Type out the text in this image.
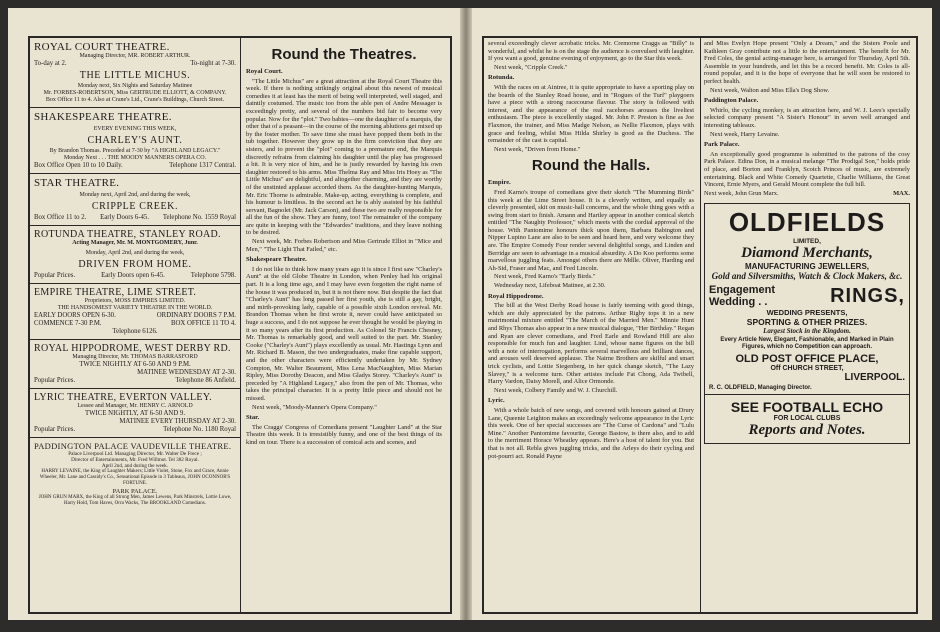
ROYAL COURT THEATRE.
Managing Director, MR. ROBERT ARTHUR.
To-day at 2.	To-night at 7-30.
THE LITTLE MICHUS.
Monday next, Six Nights and Saturday Matinee
Mr. FORBES-ROBERTSON, Miss GERTRUDE ELLIOTT, & COMPANY.
Box Office 11 to 4. Also at Crane's Ltd., Crane's Buildings, Church Street.
SHAKESPEARE THEATRE.
EVERY EVENING THIS WEEK,
CHARLEY'S AUNT.
By Brandon Thomas. Preceded at 7-30 by "A HIGHLAND LEGACY."
Monday Next . . . THE MOODY MANNERS OPERA CO.
Box Office Open 10 to 10 Daily.	Telephone 1317 Central.
STAR THEATRE.
Monday next, April 2nd, and during the week,
CRIPPLE CREEK.
Box Office 11 to 2. Early Doors 6-45. Telephone No. 1559 Royal
ROTUNDA THEATRE, STANLEY ROAD.
Acting Manager, Mr. M. MONTGOMERY, Junr.
Monday, April 2nd, and during the week,
DRIVEN FROM HOME.
Popular Prices.	Early Doors open 6-45.	Telephone 5798.
EMPIRE THEATRE, LIME STREET.
Proprietors, MOSS EMPIRES LIMITED.
THE HANDSOMEST VARIETY THEATRE IN THE WORLD.
EARLY DOORS OPEN 6-30.	ORDINARY DOORS 7 P.M.
COMMENCE 7-30 P.M.	BOX OFFICE 11 TO 4.
Telephone 6126.
ROYAL HIPPODROME, WEST DERBY RD.
Managing Director, Mr. THOMAS BARRASFORD
TWICE NIGHTLY AT 6-50 AND 9 P.M.
MATINEE WEDNESDAY AT 2-30.
Popular Prices.	Telephone 86 Anfield.
LYRIC THEATRE, EVERTON VALLEY.
Lessee and Manager, Mr. HENRY C. ARNOLD
TWICE NIGHTLY, AT 6-50 AND 9.
MATINEE EVERY THURSDAY AT 2-30.
Popular Prices.	Telephone No. 1180 Royal
PADDINGTON PALACE VAUDEVILLE THEATRE.
Palace Liverpool Ltd. Managing Director, Mr. Walter De Frece ;
Director of Entertainments, Mr. Fred Willmot. Tel 382 Royal.
April 2nd, and during the week.
HARRY LEVAINE, the King of Laughter Makers; Little Violet, Stone, Fox and Grace, Annie Wheeler, Mr. Lane and Cassidy's Co., Sensational Episode in 3 Tableaux, JOHN OCONNOR'S FORTUNE.
PARK PALACE.
JOHN GRUN MARX, the King of all Strong Men, James Lewens, Park Minstrels, Lottie Lowe, Harry Hold, Tom Haves, Orra Wacks, The BROOKLAND Comedians.
Round the Theatres.
Royal Court.

"The Little Michus" are a great attraction at the Royal Court Theatre this week. If there is nothing strikingly original about this newest of musical comedies it at least has the merit of being well interpreted, well staged, and daintily costumed. The music too from the able pen of Andre Messager is exceedingly pretty, and several of the numbers bid fair to become very popular. Now for the "plot." Two babies—one the daughter of a marquis, the other that of a peasant—in the course of the morning ablutions get mixed up by the foster mother. To save time she must have popped them both in the tub together. However they grow up in the firm conviction that they are sisters, and to prevent the "plot" coming to a premature end, the Marquis discreetly refrains from claiming his daughter until the play has progressed a bit. It is very nice of him, and he is justly rewarded by having his own daughter restored to his arms. Miss Thelma Ray and Miss Iris Hoey as "The Little Michus" are delightful, and altogether charming, and they are worthy of the unstinted applause accorded them. As the daughter-hunting Marquis, Mr. Eric Thorne is admirable. Make-up, acting, everything is complete, and his humour is limitless. In the second act he is ably assisted by his faithful servant, Bagnolet (Mr. Jack Carson), and these two are really responsible for all the fun of the show. They are funny, too! The remainder of the company are quite in keeping with the "Edwardes" traditions, and they leave nothing to be desired.

Next week, Mr. Forbes Robertson and Miss Gertrude Elliot in "Mice and Men," "The Light That Failed," etc.

Shakespeare Theatre.

I do not like to think how many years ago it is since I first saw "Charley's Aunt" at the old Globe Theatre in London, when Penley had his original part. It is a long time ago, and I may have even forgotten the right name of the house it was produced in, but it is not there now. But despite the fact that "Charley's Aunt" has long passed her first youth, she is still a gay, bright, and mirth-provoking lady, capable of a possible sixth London revival. Mr. Brandon Thomas when he first wrote it, never could have anticipated so huge a success, and I do not suppose he ever thought he would be playing in it so many years after its first production. As Colonel Sir Francis Chesney, Mr. Thomas is remarkably good, and well suited to the part. Mr. Stanley Cooke ("Charley's Aunt") plays excellently as usual. Mr. Hastings Lynn and Mr. Richard B. Mason, the two undergraduates, make fine capable support, and the other characters were efficiently undertaken by Mr. Sydney Compton, Mr. Walter Beaumont, Miss Lena MacNaughten, Miss Marian Ripley, Miss Dorothy Deacon, and Miss Gladys Storey. "Charley's Aunt" is preceded by "A Highland Legacy," also from the pen of Mr. Thomas, who takes the principal character. It is a pretty little piece and should not be missed.

Next week, "Moody-Manner's Opera Company."

Star.

The Craggs' Congress of Comedians present "Laughter Land" at the Star Theatre this week. It is irresistibly funny, and one of the best things of its kind on tour. There is a succession of comical acts and scenes, and

several exceedingly clever acrobatic tricks. Mr. Cremorne Craggs as "Billy" is wonderful, and whilst he is on the stage the audience is convulsed with laughter. If you want a good, genuine evening of enjoyment, go to the Star this week.

Next week, "Cripple Creek."

Rotunda.

With the races on at Aintree, it is quite appropriate to have a sporting play on the boards of the Stanley Road house, and in "Rogues of the Turf" playgoers have a piece with a strong racecourse flavour. The story is followed with interest, and the appearance of the real racehorses arouses the liveliest enthusiasm. The piece is excellently staged. Mr. John F. Preston is fine as Joe Flaxmon, the trainer, and Miss Madge Nelson, as Nellie Flaxmon, plays with grace and feeling, whilst Miss Hilda Shirley is good as the Duchess. The remainder of the cast is capital.

Next week, "Driven from Home."

Round the Halls.
Empire.

Fred Karno's troupe of comedians give their sketch "The Mumming Birds" this week at the Lime Street house. It is a cleverly written, and equally as cleverly presented, skit on music-hall concerns, and the whole thing goes with a swing from start to finish. Amann and Hartley appear in another comical sketch entitled "The Naughty Professor," which meets with the cordial approval of the house. With Pantomime honours thick upon them, Barbara Babington and Nipper Lupino Lane are also to be seen and heard here, and very welcome they are. The Empire Comedy Four render several delightful songs, and Linden and Berridge are seen to advantage in a musical absurdity. A Do Koo performs some marvellous juggling feats. Amongst others there are Mdlle. Oliver, Harding and Ah-Sid, Fraser and Mac, and Fred Lincoln.

Next week, Fred Karno's "Early Birds."

Wednesday next, Lifeboat Matinee, at 2.30.

Royal Hippodrome.

The bill at the West Derby Road house is fairly teeming with good things, which are duly appreciated by the patrons. Arthur Rigby tops it in a new matrimonial mixture entitled "The March of the Married Men." Minnie Hunt and Rhys Thomas also appear in a new musical dialogue, "Her Birthday." Regan and Ryan are clever comedians, and Fred Earle and Rowland Hill are also responsible for much fun and laughter. Lind, whose name figures on the bill with a note of interrogation, performs several marvellous and brilliant dances, and arouses well deserved applause. The Nairne Brothers are skilful and smart trick cyclists, and Lottie Siegenberg, in her quick change sketch, "The Lazy Slavey," is a welcome turn. Other artistes include Fat Chong, Ada Twibell, Harry Vardon, Daisy Morell, and Alice Ormonde.

Next week, Colbery Family and W. J. Churchill.

Lyric.

With a whole batch of new songs, and covered with honours gained at Drury Lane, Queenie Leighton makes an exceedingly welcome appearance in the Lyric this week. One of her special successes are "The Curse of Cardona" and "Lulu Mine." Another Pantomime favourite, George Bastow, is there also, and to add to the merriment Horace Wheatley appears. Here's a host of talent for you. But that is not all. Rebla gives juggling tricks, and the Arleys do their cycling and pot-pourri act. Ronald Payne

and Miss Evelyn Hope present "Only a Dream," and the Sisters Poole and Kathleen Gray contribute not a little to the entertainment. The benefit for Mr. Fred Coles, the genial acting-manager here, is arranged for Thursday, April 5th. Assemble in your hundreds, and let this be a record benefit. Mr. Coles is all-round popular, and it is the hope of everyone that he will soon be restored to perfect health.

Next week, Walton and Miss Ella's Dog Show.

Paddington Palace.

Whirlo, the cycling monkey, is an attraction here, and W. J. Lees's specially selected company present "A Sister's Honour" in seven well arranged and interesting tableaux.

Next week, Harry Levaine.

Park Palace.

An exceptionally good programme is submitted to the patrons of the cosy Park Palace. Edina Don, in a musical melange "The Prodigal Son," holds pride of place, and Borton and Franklyn, Scotch Princes of music, are extremely entertaining. Black and White Comedy Quartette, Charlie Williams, the Great Vincent, Ernie Myers, and Gerald Mount complete the full bill.

Next week, John Grun Marx.	MAX.
OLDFIELDS
LIMITED,
Diamond Merchants,
MANUFACTURING JEWELLERS,
Gold and Silversmiths, Watch & Clock Makers, &c.
Engagement
Wedding . .	RINGS,
WEDDING PRESENTS,
SPORTING & OTHER PRIZES.
Largest Stock in the Kingdom.
Every Article New, Elegant, Fashionable, and Marked in Plain Figures, which no Competition can approach.
OLD POST OFFICE PLACE,
Off CHURCH STREET,
LIVERPOOL.
R. C. OLDFIELD, Managing Director.
SEE FOOTBALL ECHO
FOR LOCAL CLUBS
Reports and Notes.
